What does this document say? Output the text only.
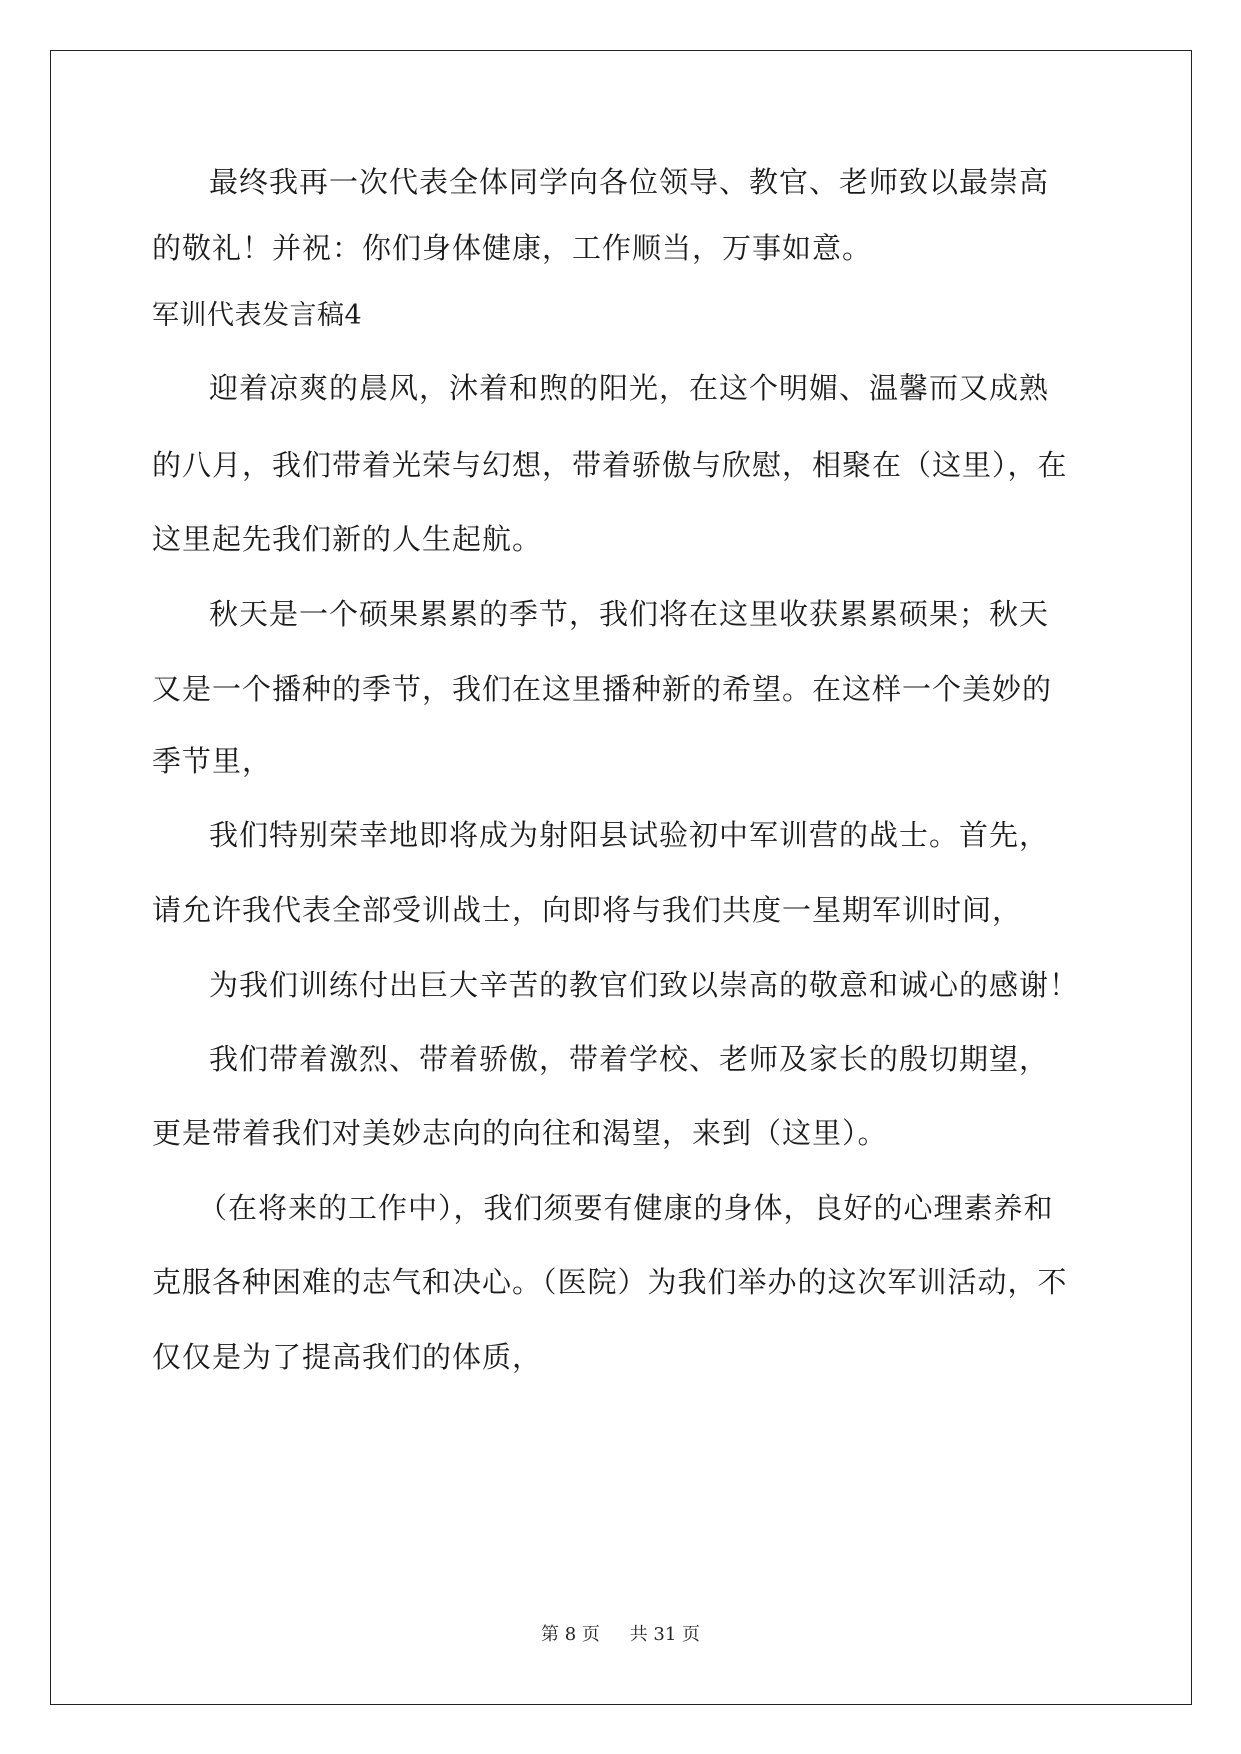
最终我再一次代表全体同学向各位领导、教官、老师致以最崇高
的敬礼！并祝：你们身体健康，工作顺当，万事如意。
军训代表发言稿4
迎着凉爽的晨风，沐着和煦的阳光，在这个明媚、温馨而又成熟
的八月，我们带着光荣与幻想，带着骄傲与欣慰，相聚在（这里），在
这里起先我们新的人生起航。
秋天是一个硕果累累的季节，我们将在这里收获累累硕果；秋天
又是一个播种的季节，我们在这里播种新的希望。在这样一个美妙的
季节里，
我们特别荣幸地即将成为射阳县试验初中军训营的战士。首先，
请允许我代表全部受训战士，向即将与我们共度一星期军训时间，
为我们训练付出巨大辛苦的教官们致以崇高的敬意和诚心的感谢！
我们带着激烈、带着骄傲，带着学校、老师及家长的殷切期望，
更是带着我们对美妙志向的向往和渴望，来到（这里）。
（在将来的工作中），我们须要有健康的身体，良好的心理素养和
克服各种困难的志气和决心。（医院）为我们举办的这次军训活动，不
仅仅是为了提高我们的体质，
第 8 页 共 31 页
